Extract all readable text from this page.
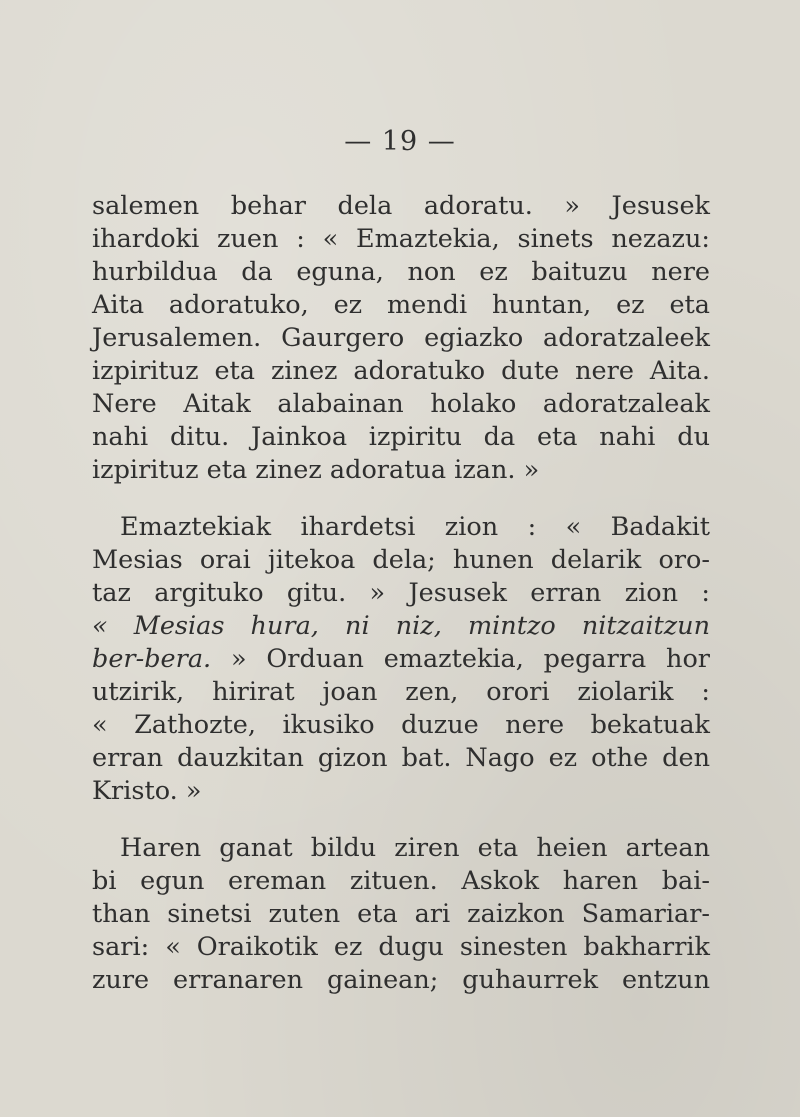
— 19 —
salemen behar dela adoratu. » Jesusek
ihardoki zuen : « Emaztekia, sinets nezazu:
hurbildua da eguna, non ez baituzu nere
Aita adoratuko, ez mendi huntan, ez eta
Jerusalemen. Gaurgero egiazko adoratzaleek
izpirituz eta zinez adoratuko dute nere Aita.
Nere Aitak alabainan holako adoratzaleak
nahi ditu. Jainkoa izpiritu da eta nahi du
izpirituz eta zinez adoratua izan. »
Emaztekiak ihardetsi zion : « Badakit
Mesias orai jitekoa dela; hunen delarik oro-
taz argituko gitu. » Jesusek erran zion :
« Mesias hura, ni niz, mintzo nitzaitzun
ber-bera. » Orduan emaztekia, pegarra hor
utzirik, hirirat joan zen, orori ziolarik :
« Zathozte, ikusiko duzue nere bekatuak
erran dauzkitan gizon bat. Nago ez othe den
Kristo. »
Haren ganat bildu ziren eta heien artean
bi egun ereman zituen. Askok haren bai-
than sinetsi zuten eta ari zaizkon Samariar-
sari: « Oraikotik ez dugu sinesten bakharrik
zure erranaren gainean; guhaurrek entzun
